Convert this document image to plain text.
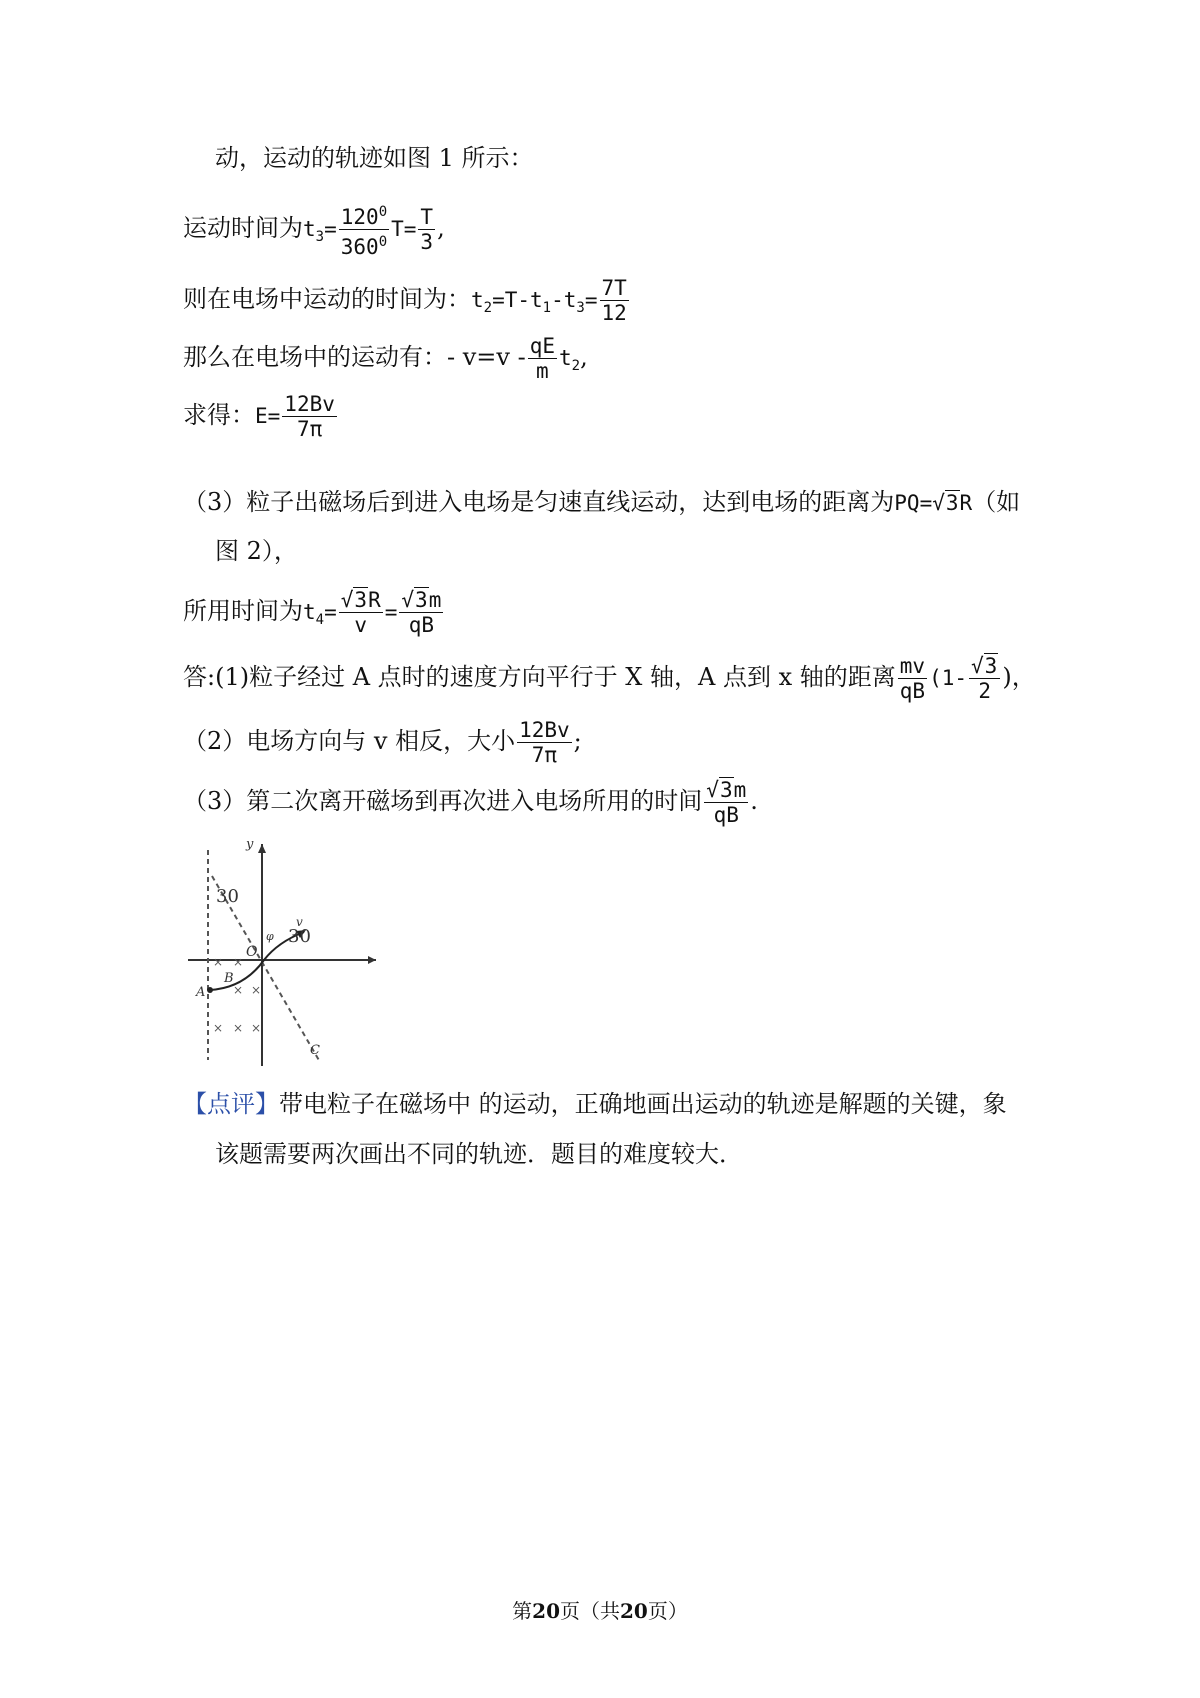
动，运动的轨迹如图 1 所示：
运动时间为$t_3= \frac{120^0}{360^0} T= \frac{T}{3}$ ,
则在电场中运动的时间为：$t_2=T-t_1-t_3= \frac{7T}{12}$
那么在电场中的运动有：- $v=v - \frac{qE}{m} t_2$,
求得：$E= \frac{12Bv}{7\pi}$
（3）粒子出磁场后到进入电场是匀速直线运动，达到电场的距离为PQ=√3R（如
图 2），
所用时间为$t_4= \frac{√3R}{v} = \frac{√3m}{qB}$
答:(1)粒子经过 A 点时的速度方向平行于 X 轴，A 点到 x 轴的距离 $\frac{mv}{qB} (1- \frac{√3}{2}$ )，
（2）电场方向与 v 相反，大小 $\frac{12Bv}{7\pi}$ ;
（3）第二次离开磁场到再次进入电场所用的时间 $\frac{√3m}{qB}$ .
× ×
× ×
× × ×
y
30
30
v
O
φ
B
A
C
【点评】带电粒子在磁场中 的运动，正确地画出运动的轨迹是解题的关键，象
该题需要两次画出不同的轨迹．题目的难度较大．
第20页（共20页）
